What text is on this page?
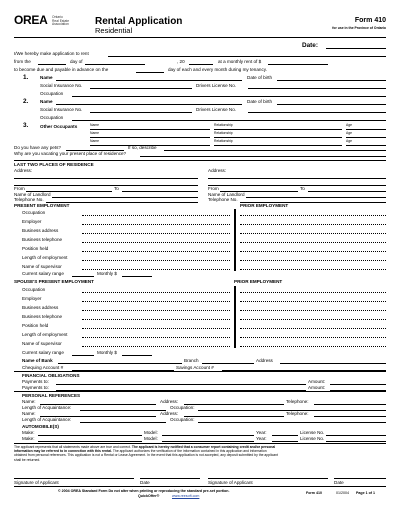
OREA Ontario
Real Estate
Association	Rental Application
Residential
Form 410
for use in the Province of Ontario
Date:
I/We hereby make application to rent
from the	day of	, 20	at a monthly rent of $
to become due and payable in advance on the	day of each and every month during my tenancy.
1.	Name	Date of birth
Social Insurance No.	Drivers License No.
Occupation
2.	Name	Date of birth
Social Insurance No.	Drivers License No.
Occupation
3.	Other Occupants	Name	Relationship	Age
Name	Relationship	Age
Name	Relationship	Age
Do you have any pets?	If so, describe
Why are you vacating your present place of residence?
LAST TWO PLACES OF RESIDENCE
Address:	Address:
From	To	From	To
Name of Landlord	Name of Landlord
Telephone No.	Telephone No.
PRESENT EMPLOYMENT	PRIOR EMPLOYMENT
Occupation
Employer
Business address
Business telephone
Position held
Length of employment
Name of supervisor
Current salary range	Monthly $
SPOUSE'S PRESENT EMPLOYMENT	PRIOR EMPLOYMENT
Occupation
Employer
Business address
Business telephone
Position held
Length of employment
Name of supervisor
Current salary range	Monthly $
Name of Bank	Branch	Address
Chequing Account #	Savings Account #
FINANCIAL OBLIGATIONS
Payments to:	Amount:
Payments to:	Amount:
PERSONAL REFERENCES
Name:	Address:	Telephone:
Length of Acquaintance:	Occupation:
Name:	Address:	Telephone:
Length of Acquaintance:	Occupation:
AUTOMOBILE(S)
Make:	Model:	Year:	License No.
Make:	Model:	Year:	License No.
The applicant represents that all statements made above are true and correct. The applicant is hereby notified that a consumer report containing credit and/or personal
information may be referred to in connection with this rental. The applicant authorizes the verification of the information contained in this application and information
obtained from personal references. This application is not a Rental or Lease Agreement. In the event that this application is not accepted, any deposit submitted by the applicant
shall be returned.
Signature of Applicant	Date	Signature of Applicant	Date
© 2004 OREA Standard Form Do not alter when printing or reproducing the standard pre-set portion.
QuickOffer®	www.reesoft.com
Form 410	01/2004 Page 1 of 1
